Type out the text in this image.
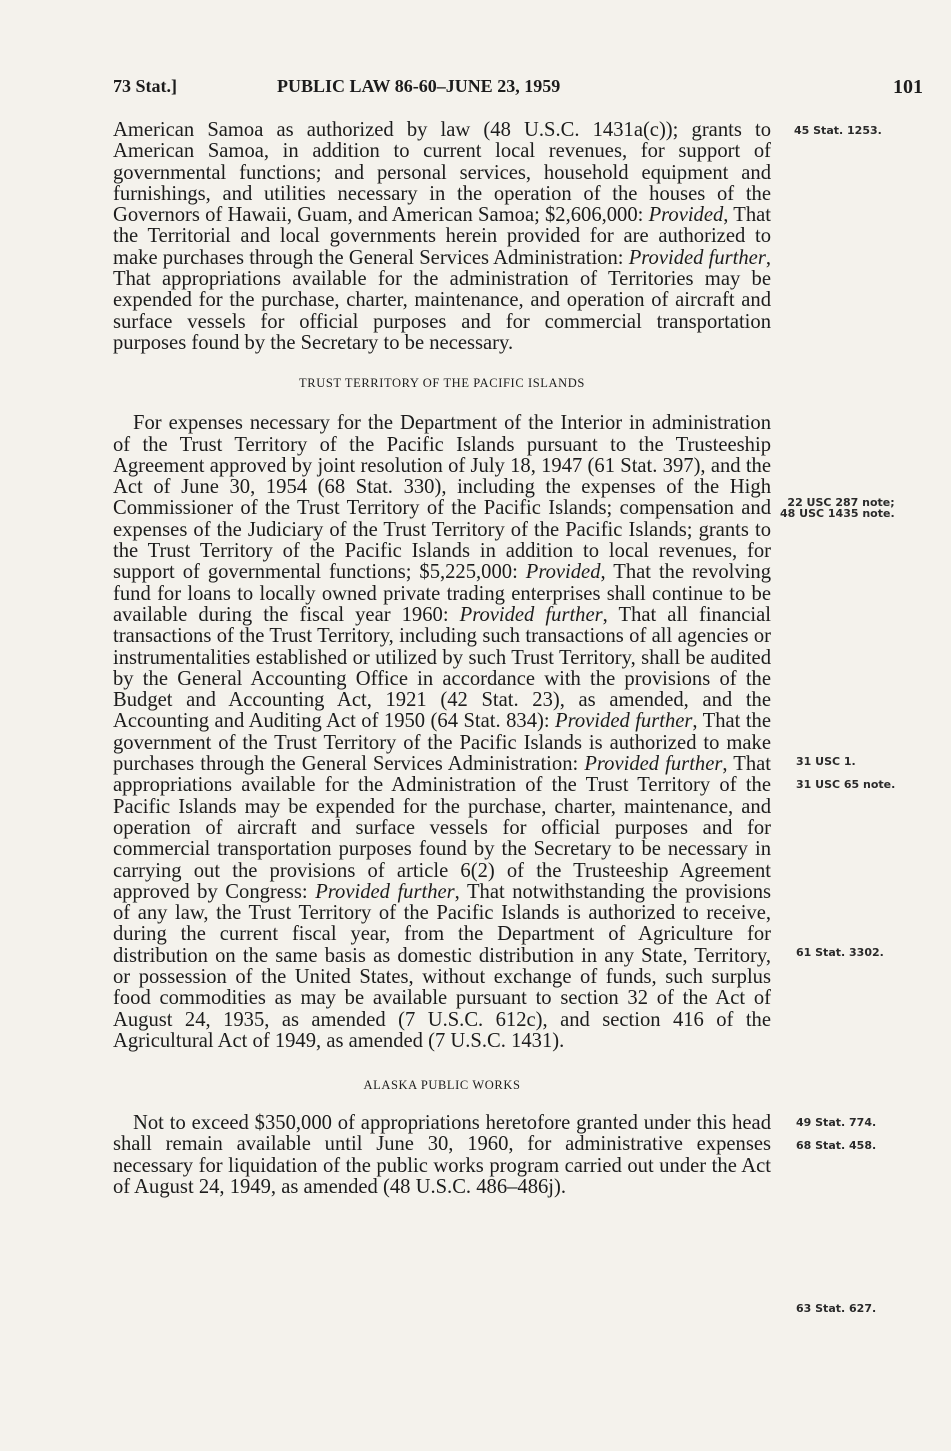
73 Stat.]	PUBLIC LAW 86-60–JUNE 23, 1959	101

American Samoa as authorized by law (48 U.S.C. 1431a(c)); grants to American Samoa, in addition to current local revenues, for support of governmental functions; and personal services, household equipment and furnishings, and utilities necessary in the operation of the houses of the Governors of Hawaii, Guam, and American Samoa; $2,606,000: Provided, That the Territorial and local governments herein provided for are authorized to make purchases through the General Services Administration: Provided further, That appropriations available for the administration of Territories may be expended for the purchase, charter, maintenance, and operation of aircraft and surface vessels for official purposes and for commercial transportation purposes found by the Secretary to be necessary.

TRUST TERRITORY OF THE PACIFIC ISLANDS

For expenses necessary for the Department of the Interior in administration of the Trust Territory of the Pacific Islands pursuant to the Trusteeship Agreement approved by joint resolution of July 18, 1947 (61 Stat. 397), and the Act of June 30, 1954 (68 Stat. 330), including the expenses of the High Commissioner of the Trust Territory of the Pacific Islands; compensation and expenses of the Judiciary of the Trust Territory of the Pacific Islands; grants to the Trust Territory of the Pacific Islands in addition to local revenues, for support of governmental functions; $5,225,000: Provided, That the revolving fund for loans to locally owned private trading enterprises shall continue to be available during the fiscal year 1960: Provided further, That all financial transactions of the Trust Territory, including such transactions of all agencies or instrumentalities established or utilized by such Trust Territory, shall be audited by the General Accounting Office in accordance with the provisions of the Budget and Accounting Act, 1921 (42 Stat. 23), as amended, and the Accounting and Auditing Act of 1950 (64 Stat. 834): Provided further, That the government of the Trust Territory of the Pacific Islands is authorized to make purchases through the General Services Administration: Provided further, That appropriations available for the Administration of the Trust Territory of the Pacific Islands may be expended for the purchase, charter, maintenance, and operation of aircraft and surface vessels for official purposes and for commercial transportation purposes found by the Secretary to be necessary in carrying out the provisions of article 6(2) of the Trusteeship Agreement approved by Congress: Provided further, That notwithstanding the provisions of any law, the Trust Territory of the Pacific Islands is authorized to receive, during the current fiscal year, from the Department of Agriculture for distribution on the same basis as domestic distribution in any State, Territory, or possession of the United States, without exchange of funds, such surplus food commodities as may be available pursuant to section 32 of the Act of August 24, 1935, as amended (7 U.S.C. 612c), and section 416 of the Agricultural Act of 1949, as amended (7 U.S.C. 1431).

ALASKA PUBLIC WORKS

Not to exceed $350,000 of appropriations heretofore granted under this head shall remain available until June 30, 1960, for administrative expenses necessary for liquidation of the public works program carried out under the Act of August 24, 1949, as amended (48 U.S.C. 486–486j).

45 Stat. 1253.
22 USC 287 note;
48 USC 1435 note.
31 USC 1.
31 USC 65 note.
61 Stat. 3302.
49 Stat. 774.
68 Stat. 458.
63 Stat. 627.
